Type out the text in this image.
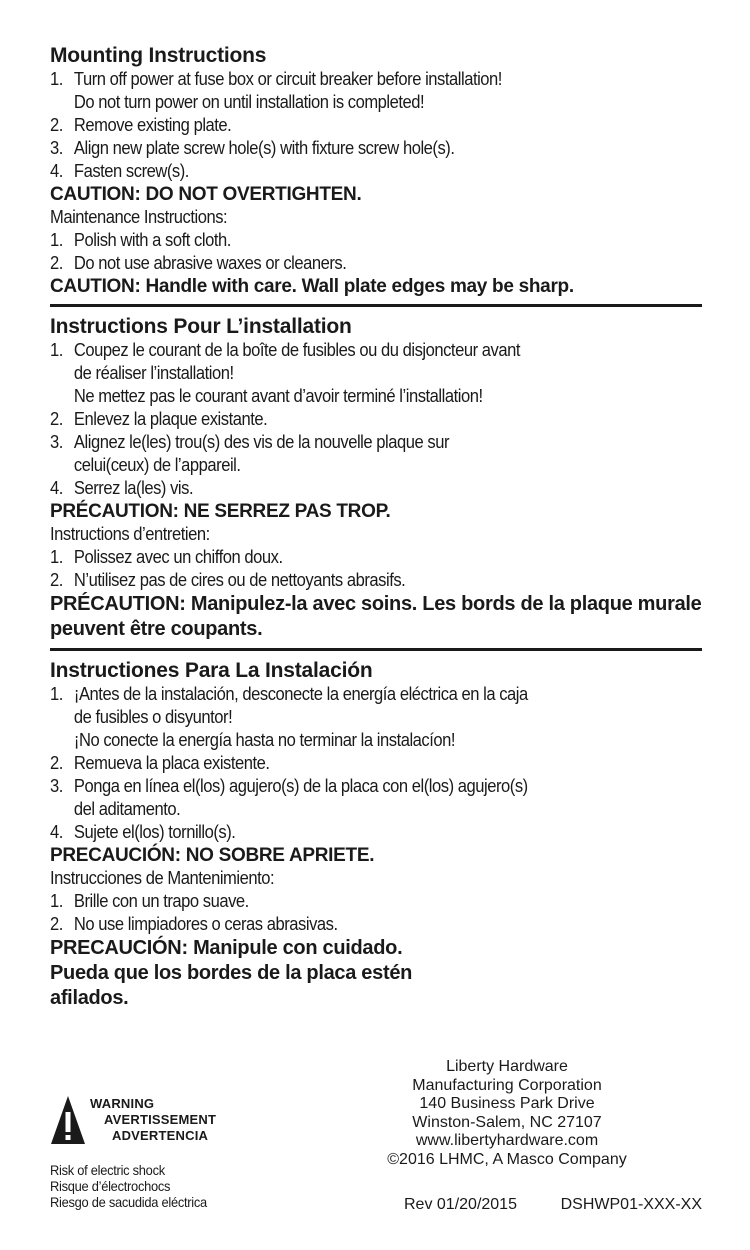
Mounting Instructions
1. Turn off power at fuse box or circuit breaker before installation!
Do not turn power on until installation is completed!
2. Remove existing plate.
3. Align new plate screw hole(s) with fixture screw hole(s).
4. Fasten screw(s).
CAUTION: DO NOT OVERTIGHTEN.
Maintenance Instructions:
1. Polish with a soft cloth.
2. Do not use abrasive waxes or cleaners.
CAUTION: Handle with care. Wall plate edges may be sharp.
Instructions Pour L’installation
1. Coupez le courant de la boîte de fusibles ou du disjoncteur avant
de réaliser l’installation!
Ne mettez pas le courant avant d’avoir terminé l’installation!
2. Enlevez la plaque existante.
3. Alignez le(les) trou(s) des vis de la nouvelle plaque sur
celui(ceux) de l’appareil.
4. Serrez la(les) vis.
PRÉCAUTION: NE SERREZ PAS TROP.
Instructions d’entretien:
1. Polissez avec un chiffon doux.
2. N’utilisez pas de cires ou de nettoyants abrasifs.
PRÉCAUTION: Manipulez-la avec soins. Les bords de la plaque murale peuvent être coupants.
Instructiones Para La Instalación
1. ¡Antes de la instalación, desconecte la energía eléctrica en la caja
de fusibles o disyuntor!
¡No conecte la energía hasta no terminar la instalacíon!
2. Remueva la placa existente.
3. Ponga en línea el(los) agujero(s) de la placa con el(los) agujero(s)
del aditamento.
4. Sujete el(los) tornillo(s).
PRECAUCIÓN: NO SOBRE APRIETE.
Instrucciones de Mantenimiento:
1. Brille con un trapo suave.
2. No use limpiadores o ceras abrasivas.
PRECAUCIÓN: Manipule con cuidado. Pueda que los bordes de la placa estén afilados.
WARNING
AVERTISSEMENT
ADVERTENCIA
Risk of electric shock
Risque d’électrochocs
Riesgo de sacudida eléctrica
Liberty Hardware
Manufacturing Corporation
140 Business Park Drive
Winston-Salem, NC 27107
www.libertyhardware.com
©2016 LHMC, A Masco Company
Rev 01/20/2015	DSHWP01-XXX-XX
